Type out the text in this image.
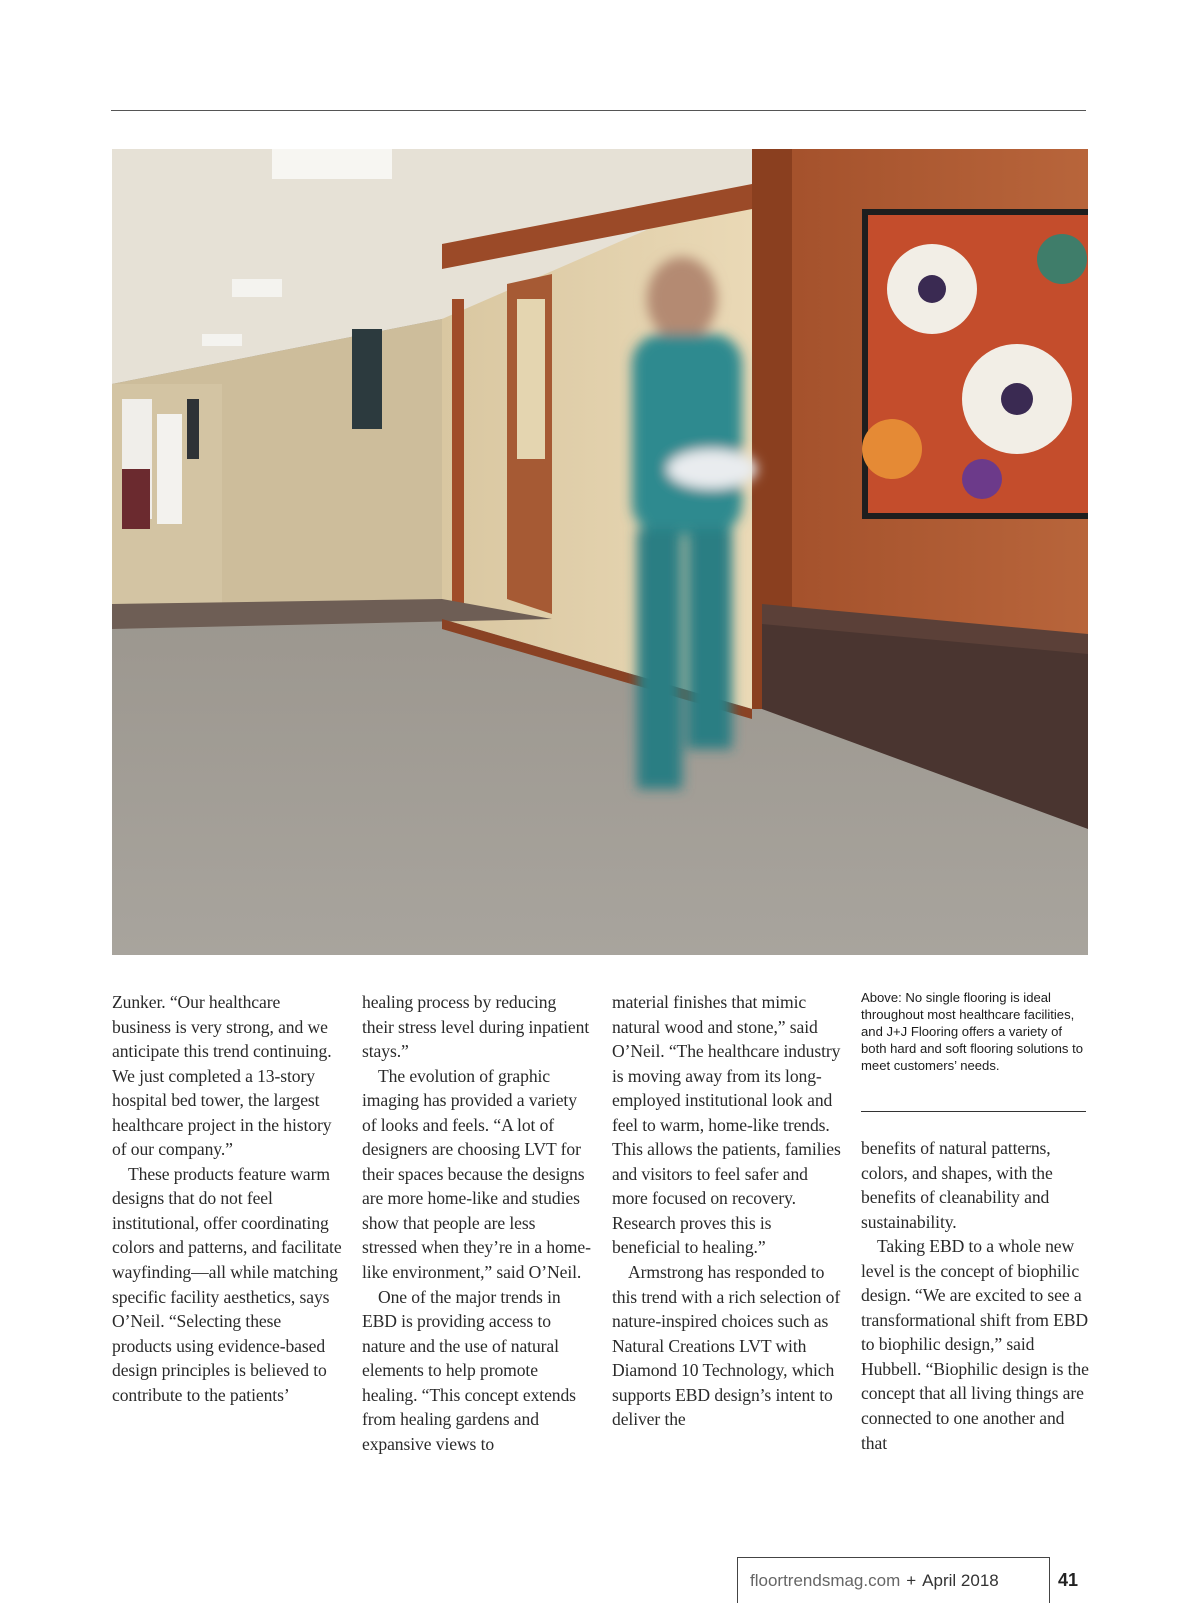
Zunker. “Our healthcare business is very strong, and we anticipate this trend continuing. We just completed a 13-story hospital bed tower, the largest healthcare project in the history of our company.”

These products feature warm designs that do not feel institutional, offer coordinating colors and patterns, and facilitate wayfinding—all while matching specific facility aesthetics, says O’Neil. “Selecting these products using evidence-based design principles is believed to contribute to the patients’

healing process by reducing their stress level during inpatient stays.”

The evolution of graphic imaging has provided a variety of looks and feels. “A lot of designers are choosing LVT for their spaces because the designs are more home-like and studies show that people are less stressed when they’re in a home-like environment,” said O’Neil.

One of the major trends in EBD is providing access to nature and the use of natural elements to help promote healing. “This concept extends from healing gardens and expansive views to

material finishes that mimic natural wood and stone,” said O’Neil. “The healthcare industry is moving away from its long-employed institutional look and feel to warm, home-like trends. This allows the patients, families and visitors to feel safer and more focused on recovery. Research proves this is beneficial to healing.”

Armstrong has responded to this trend with a rich selection of nature-inspired choices such as Natural Creations LVT with Diamond 10 Technology, which supports EBD design’s intent to deliver the

Above: No single flooring is ideal throughout most healthcare facilities, and J+J Flooring offers a variety of both hard and soft flooring solutions to meet customers’ needs.

benefits of natural patterns, colors, and shapes, with the benefits of cleanability and sustainability.

Taking EBD to a whole new level is the concept of biophilic design. “We are excited to see a transformational shift from EBD to biophilic design,” said Hubbell. “Biophilic design is the concept that all living things are connected to one another and that

floortrendsmag.com + April 2018	41
